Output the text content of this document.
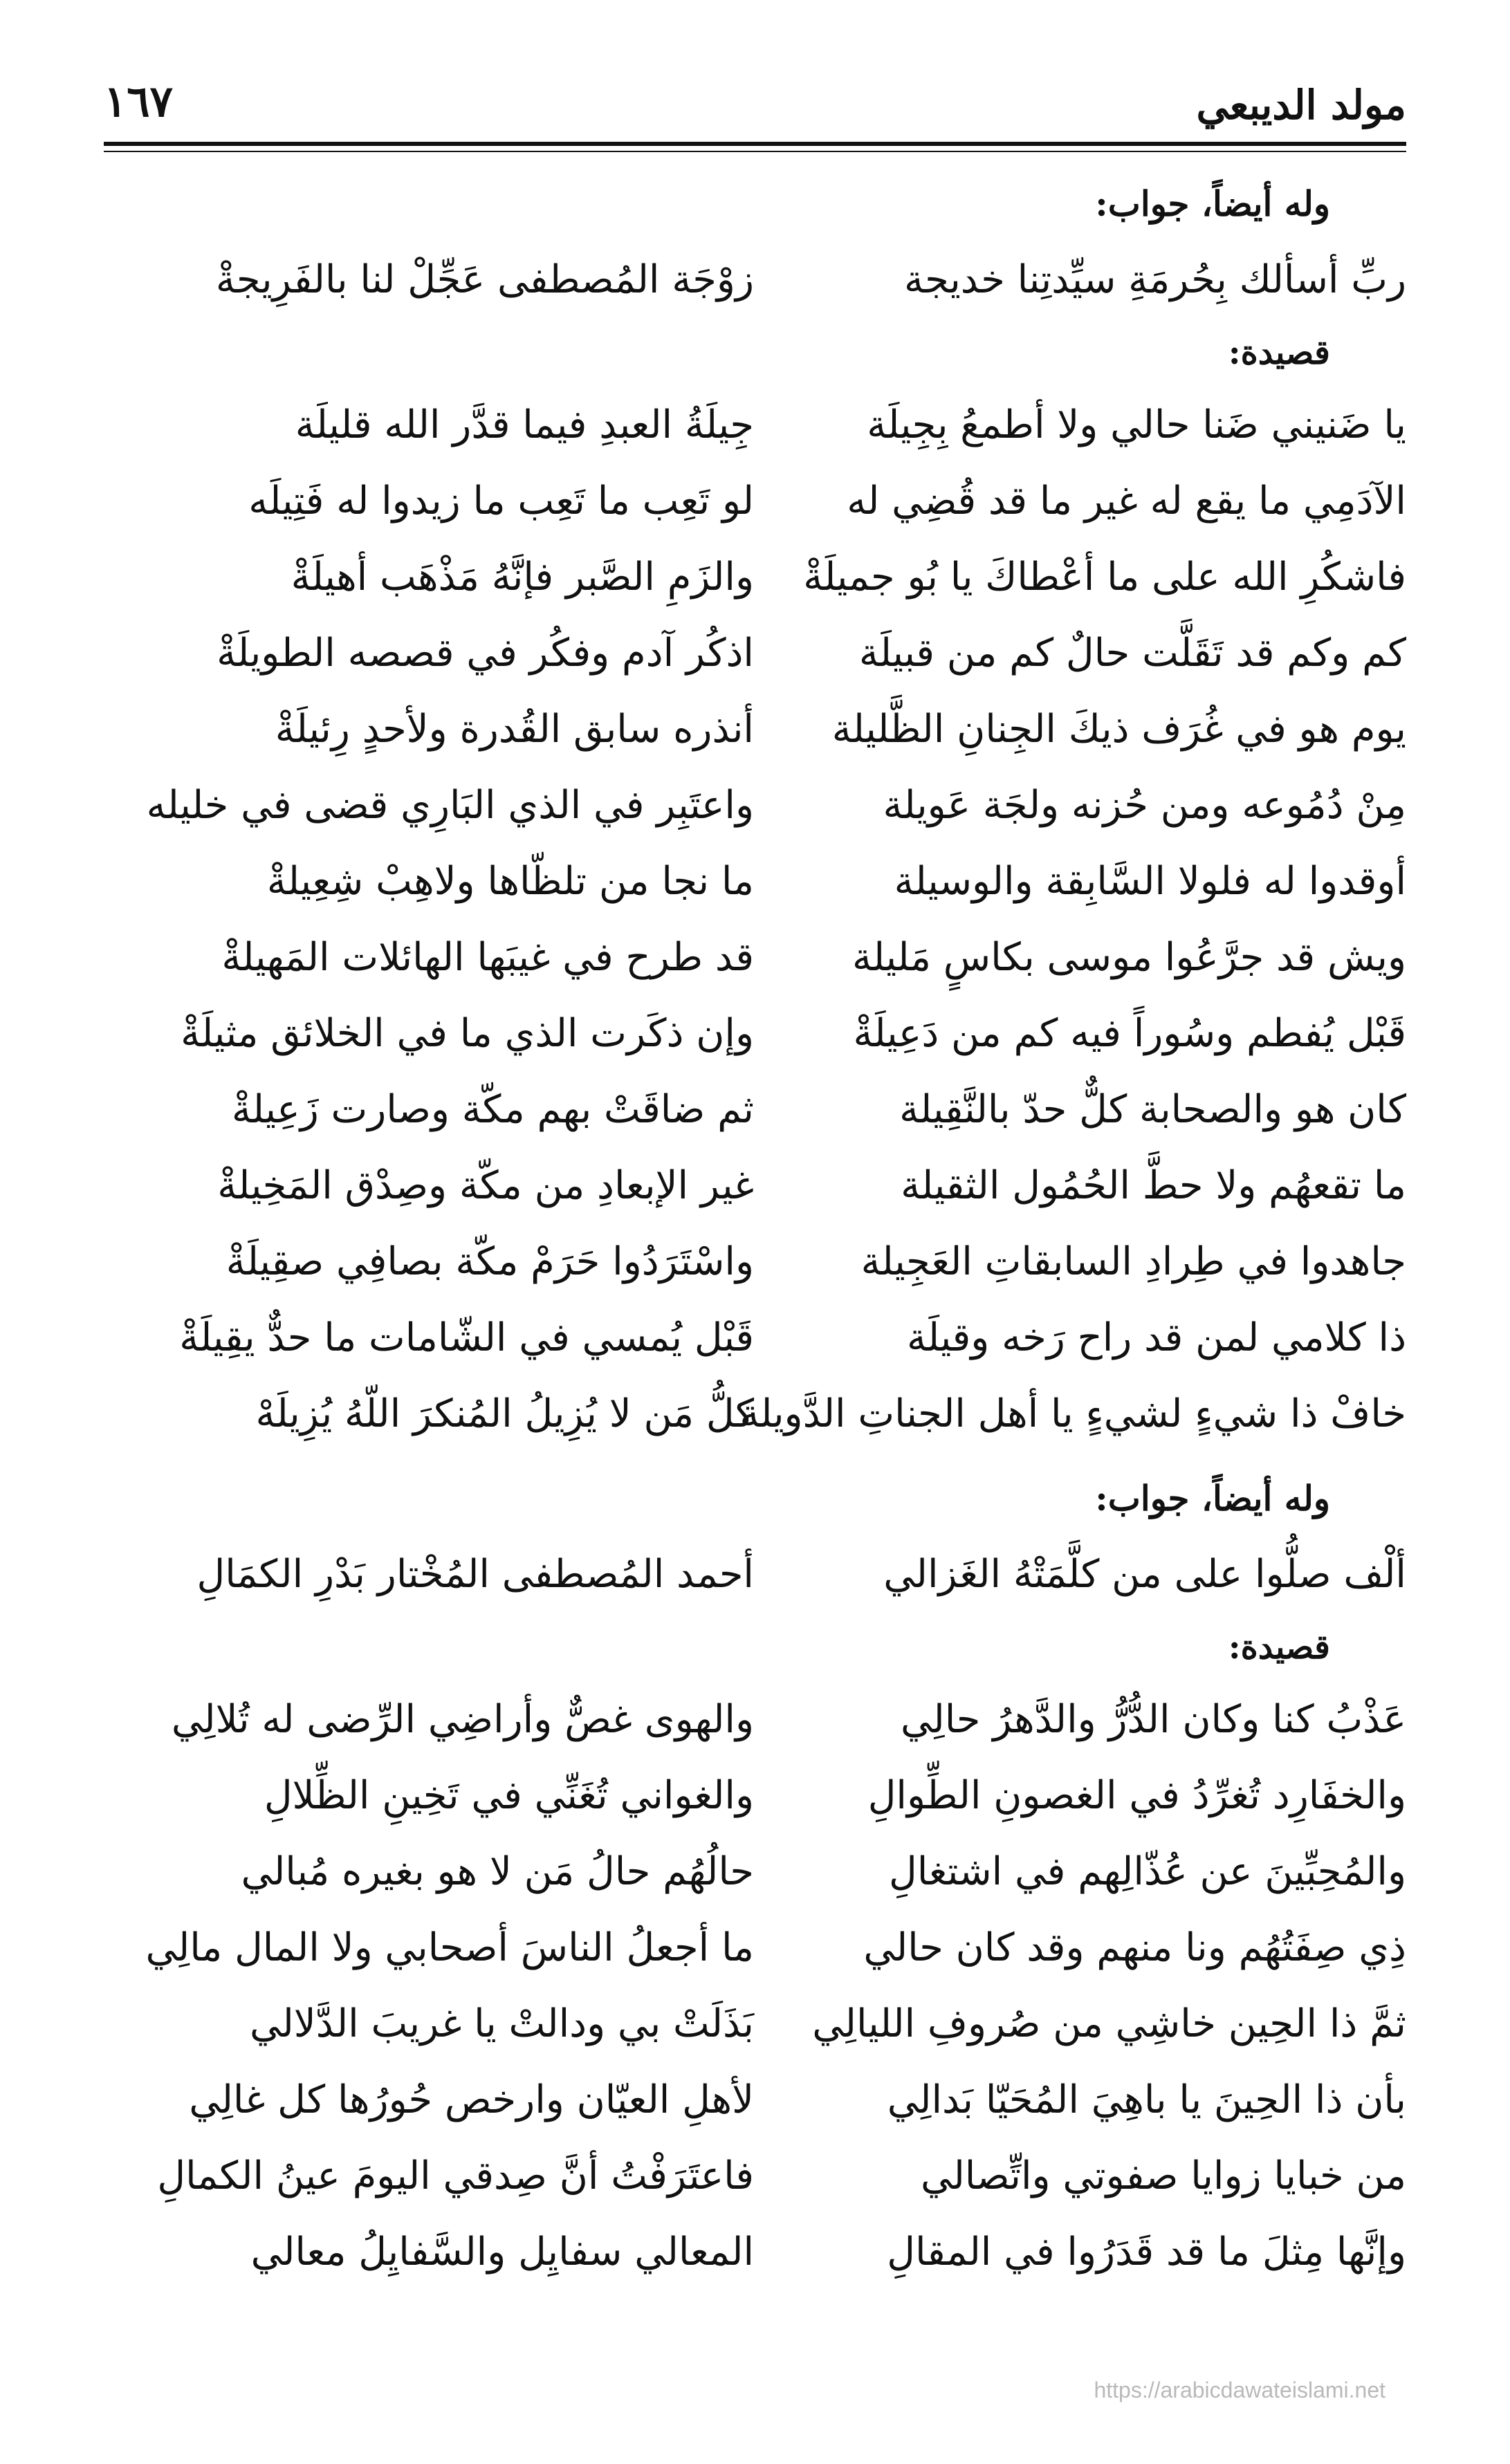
مولد الديبعي
١٦٧
وله أيضاً، جواب:
ربِّ أسألك بِحُرمَةِ سيِّدتِنا خديجة
زوْجَة المُصطفى عَجِّلْ لنا بالفَرِيجةْ
قصيدة:
يا ضَنيني ضَنا حالي ولا أطمعُ بِجِيلَة
جِيلَةُ العبدِ فيما قدَّر الله قليلَة
الآدَمِي ما يقع له غير ما قد قُضِي له
لو تَعِب ما تَعِب ما زيدوا له فَتِيلَه
فاشكُرِ الله على ما أعْطاكَ يا بُو جميلَةْ
والزَمِ الصَّبر فإنَّهُ مَذْهَب أهيلَةْ
كم وكم قد تَقَلَّت حالٌ كم من قبيلَة
اذكُر آدم وفكُر في قصصه الطويلَةْ
يوم هو في غُرَف ذيكَ الجِنانِ الظَّليلة
أنذره سابق القُدرة ولأحدٍ رِئيلَةْ
مِنْ دُمُوعه ومن حُزنه ولجَة عَويلة
واعتَبِر في الذي البَارِي قضى في خليله
أوقدوا له فلولا السَّابِقة والوسيلة
ما نجا من تلظّاها ولاهِبْ شِعِيلةْ
ويش قد جرَّعُوا موسى بكاسٍ مَليلة
قد طرح في غيبَها الهائلات المَهيلةْ
قَبْل يُفطم وسُوراً فيه كم من دَعِيلَةْ
وإن ذكَرت الذي ما في الخلائق مثيلَةْ
كان هو والصحابة كلٌّ حدّ بالنَّقِيلة
ثم ضاقَتْ بهم مكّة وصارت زَعِيلةْ
ما تقعهُم ولا حطَّ الحُمُول الثقيلة
غير الإبعادِ من مكّة وصِدْق المَخِيلةْ
جاهدوا في طِرادِ السابقاتِ العَجِيلة
واسْتَرَدُوا حَرَمْ مكّة بصافِي صقِيلَةْ
ذا كلامي لمن قد راح رَخه وقيلَة
قَبْل يُمسي في الشّامات ما حدٌّ يقِيلَةْ
خافْ ذا شيءٍ لشيءٍ يا أهل الجناتِ الدَّويلة
كلُّ مَن لا يُزِيلُ المُنكرَ اللّهُ يُزِيلَهْ
وله أيضاً، جواب:
ألْف صلُّوا على من كلَّمَتْهُ الغَزالي
أحمد المُصطفى المُخْتار بَدْرِ الكمَالِ
قصيدة:
عَذْبُ كنا وكان الدُّرُّ والدَّهرُ حالِي
والهوى غصٌّ وأراضِي الرِّضى له تُلالِي
والخفَارِد تُغرِّدُ في الغصونِ الطِّوالِ
والغواني تُغَنِّي في تَخِينِ الظِّلالِ
والمُحِبِّينَ عن عُذّالِهم في اشتغالِ
حالُهُم حالُ مَن لا هو بغيره مُبالي
ذِي صِفَتُهُم ونا منهم وقد كان حالي
ما أجعلُ الناسَ أصحابي ولا المال مالِي
ثمَّ ذا الحِين خاشِي من صُروفِ الليالِي
بَذَلَتْ بي ودالتْ يا غريبَ الدَّلالي
بأن ذا الحِينَ يا باهِيَ المُحَيّا بَدالِي
لأهلِ العيّان وارخص حُورُها كل غالِي
من خبايا زوايا صفوتي واتِّصالي
فاعتَرَفْتُ أنَّ صِدقي اليومَ عينُ الكمالِ
وإنَّها مِثلَ ما قد قَدَرُوا في المقالِ
المعالي سفايِل والسَّفايِلُ معالي
https://arabicdawateislami.net
